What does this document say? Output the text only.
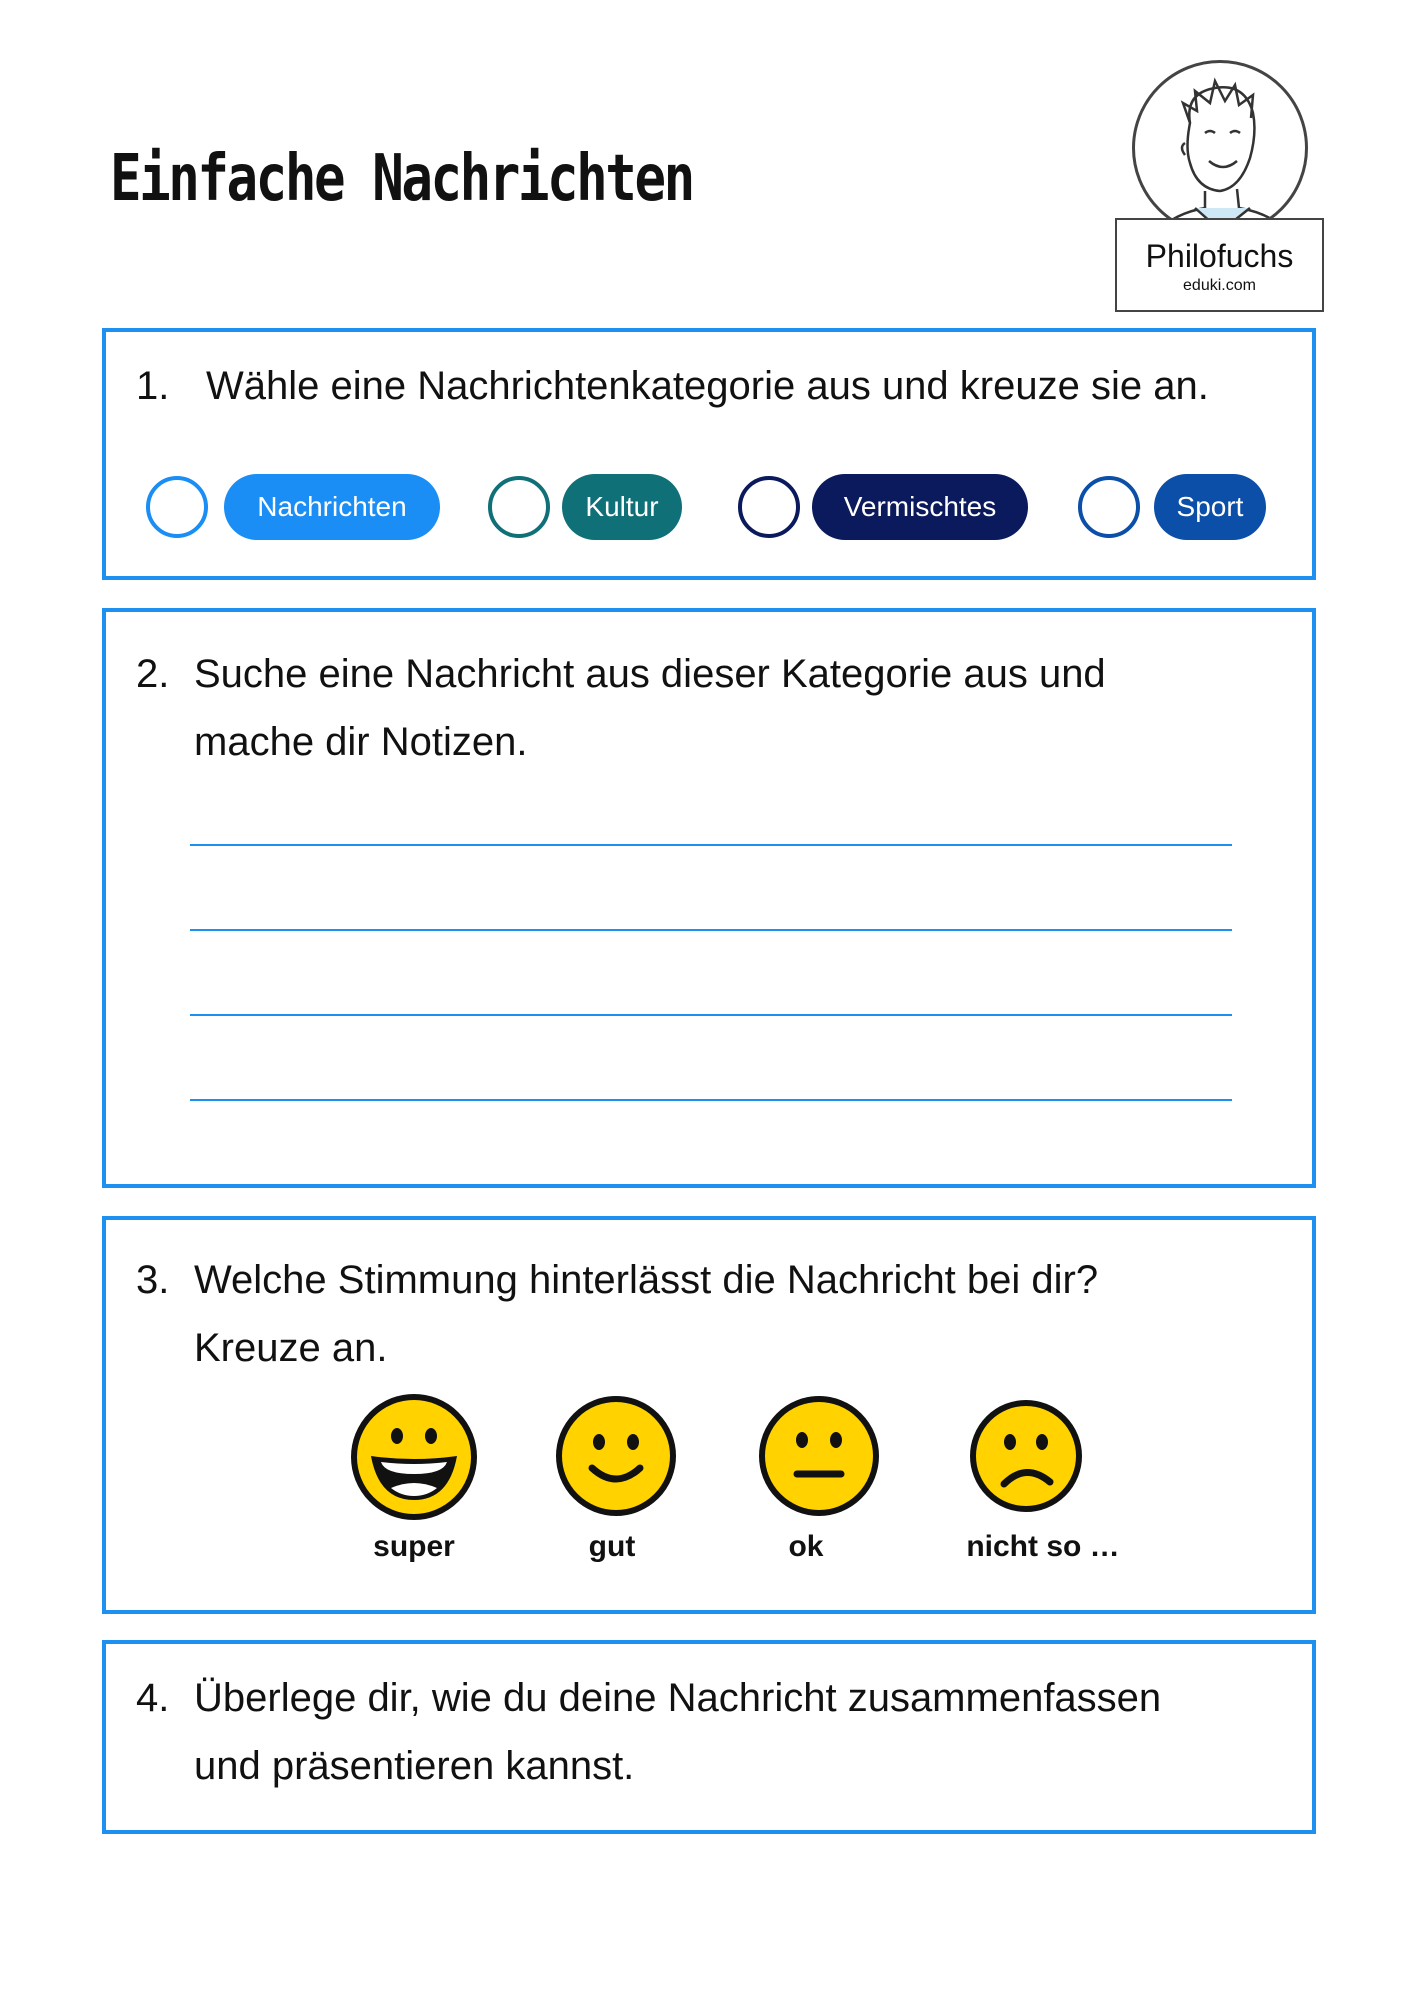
Einfache Nachrichten
Philofuchs
eduki.com
1. Wähle eine Nachrichtenkategorie aus und kreuze sie an.
Nachrichten	Kultur	Vermischtes	Sport
2. Suche eine Nachricht aus dieser Kategorie aus und
mache dir Notizen.
3. Welche Stimmung hinterlässt die Nachricht bei dir?
Kreuze an.
super	gut	ok	nicht so …
4. Überlege dir, wie du deine Nachricht zusammenfassen
und präsentieren kannst.
